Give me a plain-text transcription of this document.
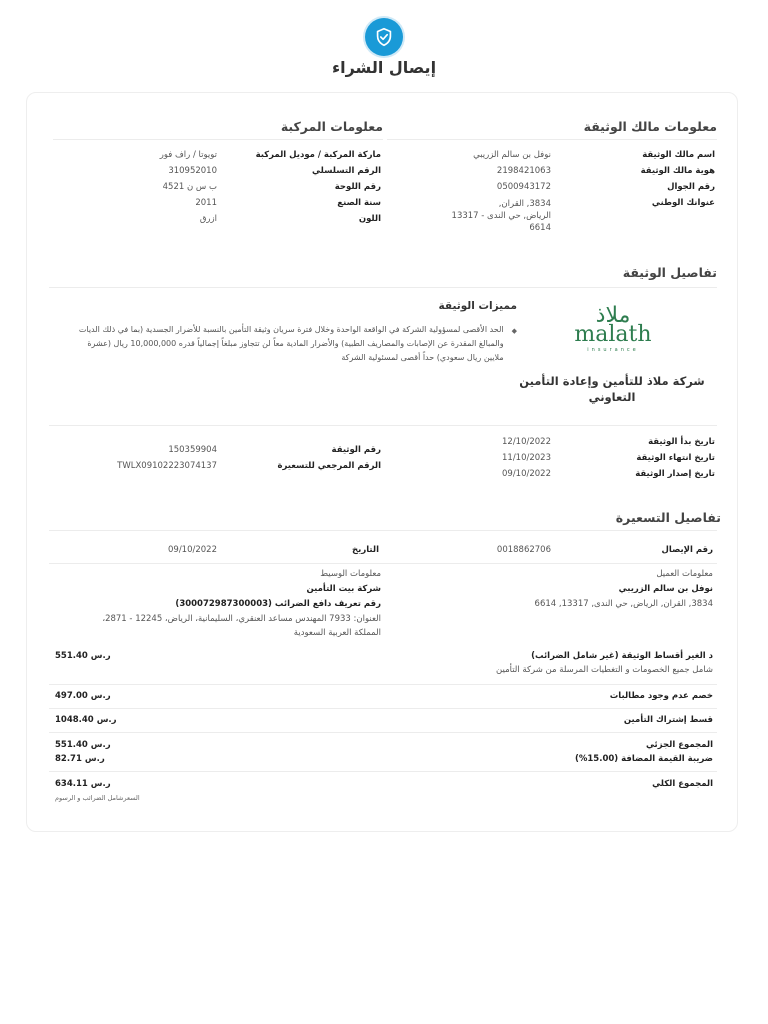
إيصال الشراء
معلومات مالك الوثيقة
اسم مالك الوثيقة
نوفل بن سالم الزريبي
هوية مالك الوثيقة
2198421063
رقم الجوال
0500943172
عنوانك الوطني
3834, القران,
الرياض, حي الندى - 13317
6614
معلومات المركبة
ماركة المركبة / موديل المركبة
تويوتا / راف فور
الرقم التسلسلي
310952010
رقم اللوحة
ب س ن 4521
سنة الصنع
2011
اللون
ازرق
تفاصيل الوثيقة
ملاذ
malath
insurance
شركة ملاذ للتأمين وإعادة التأمين التعاوني
مميزات الوثيقة
◆
الحد الأقصى لمسؤولية الشركة في الواقعة الواحدة وخلال فترة سريان وثيقة التأمين بالنسبة للأضرار الجسدية (بما في ذلك الديات والمبالغ المقدرة عن الإصابات والمصاريف الطبية) والأضرار المادية معاً لن تتجاوز مبلغاً إجمالياً قدره 10,000,000 ريال (عشرة ملايين ريال سعودي) حداً أقصى لمسئولية الشركة
تاريخ بدأ الوثيقة
12/10/2022
تاريخ انتهاء الوثيقة
11/10/2023
تاريخ إصدار الوثيقة
09/10/2022
رقم الوثيقة
150359904
الرقم المرجعي للتسعيرة
TWLX09102223074137
تفاصيل التسعيرة
رقم الإيصال
0018862706
التاريخ
09/10/2022
معلومات العميل
نوفل بن سالم الزريبي
3834, القران, الرياض, حي الندى, 13317, 6614
معلومات الوسيط
شركة بيت التأمين
رقم تعريف دافع الضرائب (300072987300003)
العنوان: 7933 المهندس مساعد العنقري، السليمانية، الرياض، 12245 - 2871،
المملكة العربية السعودية
د الغير أقساط الوثيقة (غير شامل الضرائب)
شامل جميع الخصومات و التغطيات المرسلة من شركة التأمين
551.40 ر.س
خصم عدم وجود مطالبات
497.00 ر.س
قسط إشتراك التأمين
1048.40 ر.س
المجموع الجزئي
551.40 ر.س
ضريبة القيمة المضافة (15.00%)
82.71 ر.س
المجموع الكلي
634.11 ر.س
السعرشامل الضرائب و الرسوم
